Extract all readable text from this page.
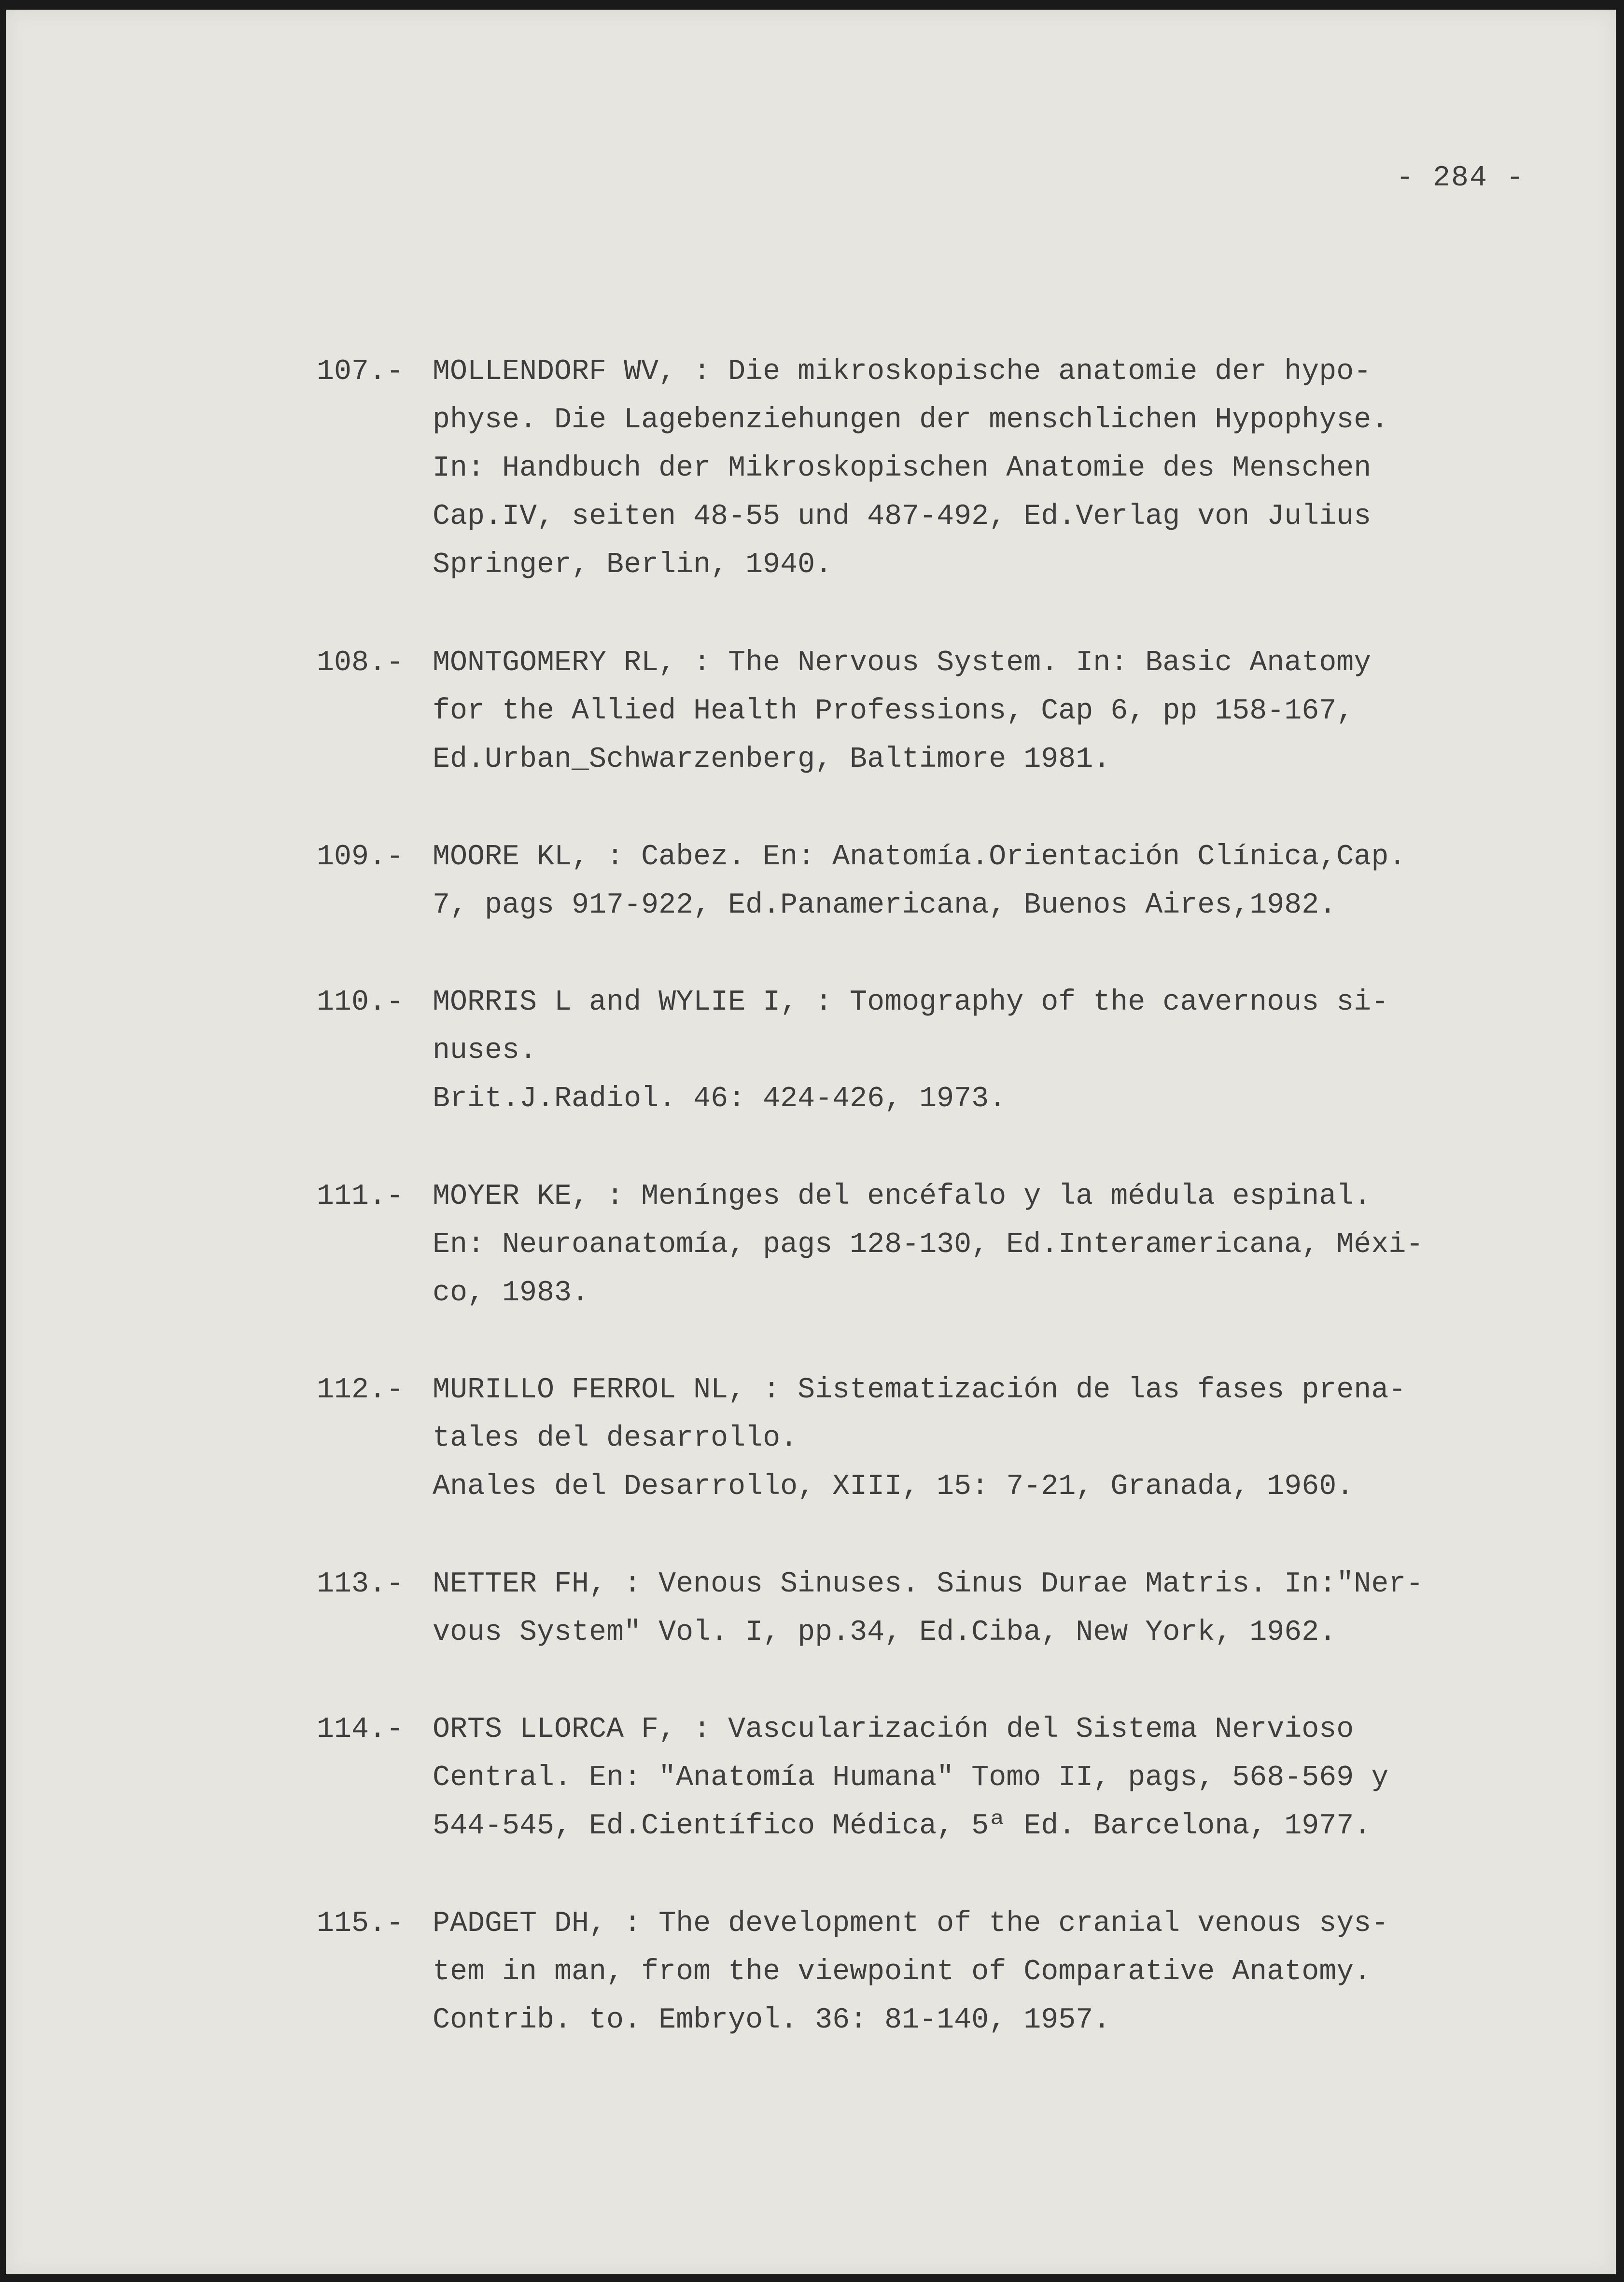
- 284 -
107.- MOLLENDORF WV, : Die mikroskopische anatomie der hypo-
physe. Die Lagebenziehungen der menschlichen Hypophyse.
In: Handbuch der Mikroskopischen Anatomie des Menschen
Cap.IV, seiten 48-55 und 487-492, Ed.Verlag von Julius
Springer, Berlin, 1940.
108.- MONTGOMERY RL, : The Nervous System. In: Basic Anatomy
for the Allied Health Professions, Cap 6, pp 158-167,
Ed.Urban_Schwarzenberg, Baltimore 1981.
109.- MOORE KL, : Cabez. En: Anatomía.Orientación Clínica,Cap.
7, pags 917-922, Ed.Panamericana, Buenos Aires,1982.
110.- MORRIS L and WYLIE I, : Tomography of the cavernous si-
nuses.
Brit.J.Radiol. 46: 424-426, 1973.
111.- MOYER KE, : Menínges del encéfalo y la médula espinal.
En: Neuroanatomía, pags 128-130, Ed.Interamericana, Méxi-
co, 1983.
112.- MURILLO FERROL NL, : Sistematización de las fases prena-
tales del desarrollo.
Anales del Desarrollo, XIII, 15: 7-21, Granada, 1960.
113.- NETTER FH, : Venous Sinuses. Sinus Durae Matris. In:"Ner-
vous System" Vol. I, pp.34, Ed.Ciba, New York, 1962.
114.- ORTS LLORCA F, : Vascularización del Sistema Nervioso
Central. En: "Anatomía Humana" Tomo II, pags, 568-569 y
544-545, Ed.Científico Médica, 5ª Ed. Barcelona, 1977.
115.- PADGET DH, : The development of the cranial venous sys-
tem in man, from the viewpoint of Comparative Anatomy.
Contrib. to. Embryol. 36: 81-140, 1957.
